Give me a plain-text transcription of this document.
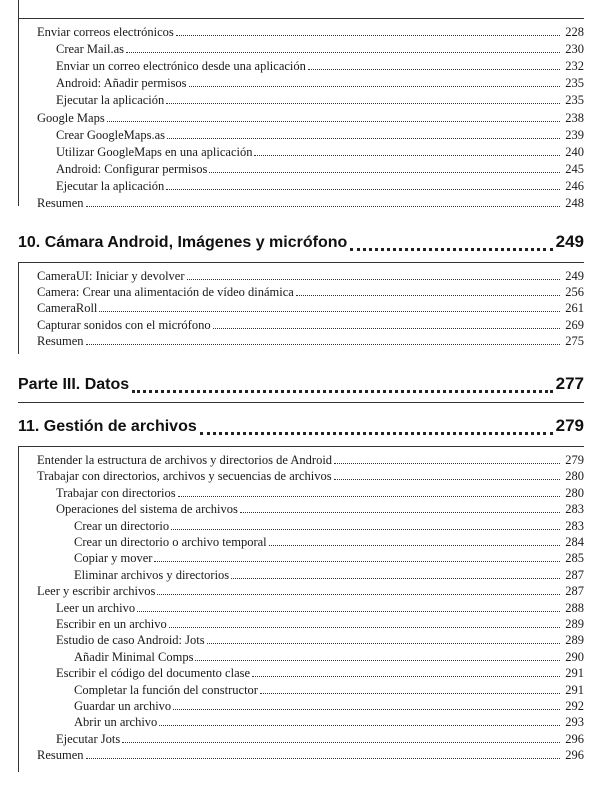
Enviar correos electrónicos	228
Crear Mail.as	230
Enviar un correo electrónico desde una aplicación	232
Android: Añadir permisos	235
Ejecutar la aplicación	235
Google Maps	238
Crear GoogleMaps.as	239
Utilizar GoogleMaps en una aplicación	240
Android: Configurar permisos	245
Ejecutar la aplicación	246
Resumen	248
10. Cámara Android, Imágenes y micrófono	249
CameraUI: Iniciar y devolver	249
Camera: Crear una alimentación de vídeo dinámica	256
CameraRoll	261
Capturar sonidos con el micrófono	269
Resumen	275
Parte III. Datos	277
11. Gestión de archivos	279
Entender la estructura de archivos y directorios de Android	279
Trabajar con directorios, archivos y secuencias de archivos	280
Trabajar con directorios	280
Operaciones del sistema de archivos	283
Crear un directorio	283
Crear un directorio o archivo temporal	284
Copiar y mover	285
Eliminar archivos y directorios	287
Leer y escribir archivos	287
Leer un archivo	288
Escribir en un archivo	289
Estudio de caso Android: Jots	289
Añadir Minimal Comps	290
Escribir el código del documento clase	291
Completar la función del constructor	291
Guardar un archivo	292
Abrir un archivo	293
Ejecutar Jots	296
Resumen	296
